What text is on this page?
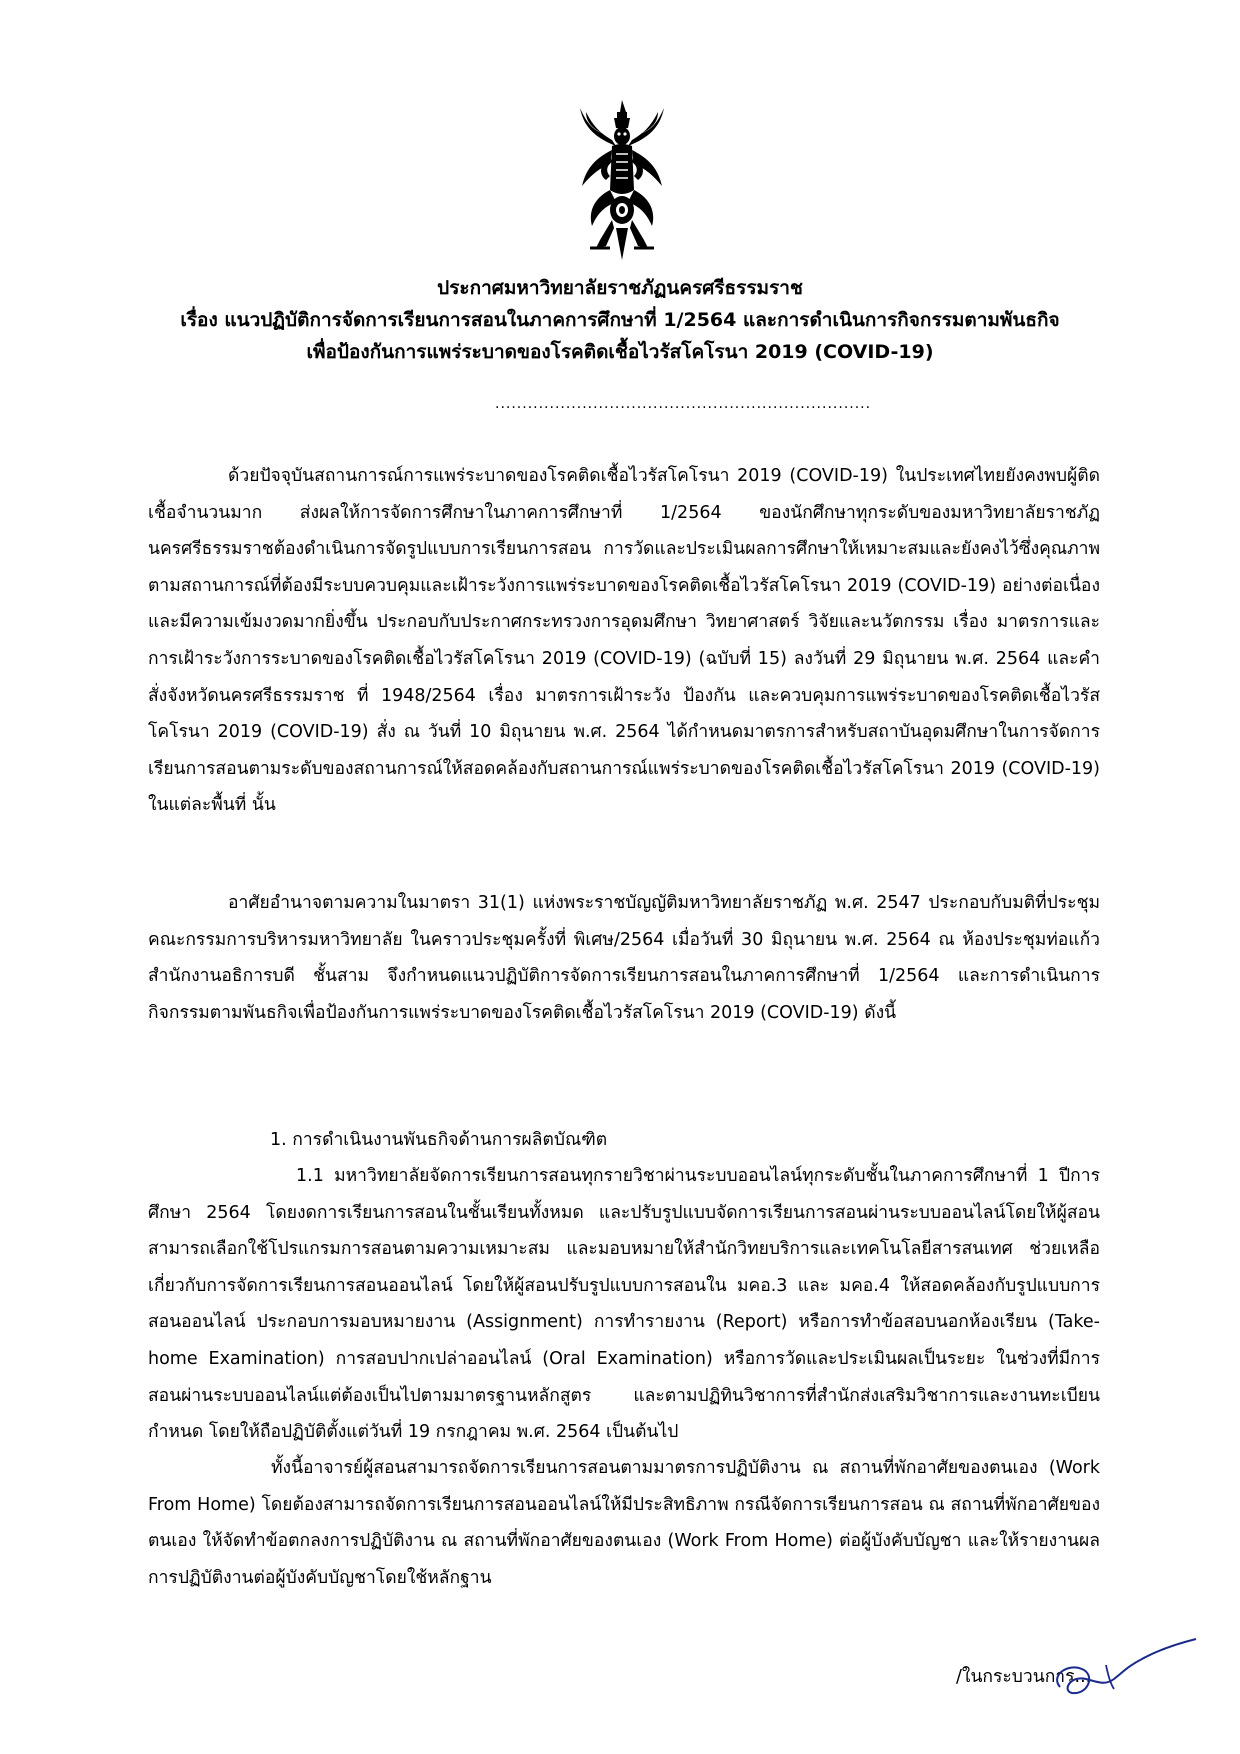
ประกาศมหาวิทยาลัยราชภัฏนครศรีธรรมราช
เรื่อง แนวปฏิบัติการจัดการเรียนการสอนในภาคการศึกษาที่ 1/2564 และการดำเนินการกิจกรรมตามพันธกิจ
เพื่อป้องกันการแพร่ระบาดของโรคติดเชื้อไวรัสโคโรนา 2019 (COVID-19)
.....................................................................

ด้วยปัจจุบันสถานการณ์การแพร่ระบาดของโรคติดเชื้อไวรัสโคโรนา 2019 (COVID-19) ในประเทศไทยยังคงพบผู้ติดเชื้อจำนวนมาก ส่งผลให้การจัดการศึกษาในภาคการศึกษาที่ 1/2564 ของนักศึกษาทุกระดับของมหาวิทยาลัยราชภัฏนครศรีธรรมราชต้องดำเนินการจัดรูปแบบการเรียนการสอน การวัดและประเมินผลการศึกษาให้เหมาะสมและยังคงไว้ซึ่งคุณภาพตามสถานการณ์ที่ต้องมีระบบควบคุมและเฝ้าระวังการแพร่ระบาดของโรคติดเชื้อไวรัสโคโรนา 2019 (COVID-19) อย่างต่อเนื่อง และมีความเข้มงวดมากยิ่งขึ้น ประกอบกับประกาศกระทรวงการอุดมศึกษา วิทยาศาสตร์ วิจัยและนวัตกรรม เรื่อง มาตรการและการเฝ้าระวังการระบาดของโรคติดเชื้อไวรัสโคโรนา 2019 (COVID-19) (ฉบับที่ 15) ลงวันที่ 29 มิถุนายน พ.ศ. 2564 และคำสั่งจังหวัดนครศรีธรรมราช ที่ 1948/2564 เรื่อง มาตรการเฝ้าระวัง ป้องกัน และควบคุมการแพร่ระบาดของโรคติดเชื้อไวรัสโคโรนา 2019 (COVID-19) สั่ง ณ วันที่ 10 มิถุนายน พ.ศ. 2564 ได้กำหนดมาตรการสำหรับสถาบันอุดมศึกษาในการจัดการเรียนการสอนตามระดับของสถานการณ์ให้สอดคล้องกับสถานการณ์แพร่ระบาดของโรคติดเชื้อไวรัสโคโรนา 2019 (COVID-19) ในแต่ละพื้นที่ นั้น

อาศัยอำนาจตามความในมาตรา 31(1) แห่งพระราชบัญญัติมหาวิทยาลัยราชภัฏ พ.ศ. 2547 ประกอบกับมติที่ประชุมคณะกรรมการบริหารมหาวิทยาลัย ในคราวประชุมครั้งที่ พิเศษ/2564 เมื่อวันที่ 30 มิถุนายน พ.ศ. 2564 ณ ห้องประชุมท่อแก้ว สำนักงานอธิการบดี ชั้นสาม จึงกำหนดแนวปฏิบัติการจัดการเรียนการสอนในภาคการศึกษาที่ 1/2564 และการดำเนินการกิจกรรมตามพันธกิจเพื่อป้องกันการแพร่ระบาดของโรคติดเชื้อไวรัสโคโรนา 2019 (COVID-19) ดังนี้

1. การดำเนินงานพันธกิจด้านการผลิตบัณฑิต

1.1 มหาวิทยาลัยจัดการเรียนการสอนทุกรายวิชาผ่านระบบออนไลน์ทุกระดับชั้นในภาคการศึกษาที่ 1 ปีการศึกษา 2564 โดยงดการเรียนการสอนในชั้นเรียนทั้งหมด และปรับรูปแบบจัดการเรียนการสอนผ่านระบบออนไลน์โดยให้ผู้สอนสามารถเลือกใช้โปรแกรมการสอนตามความเหมาะสม และมอบหมายให้สำนักวิทยบริการและเทคโนโลยีสารสนเทศ ช่วยเหลือเกี่ยวกับการจัดการเรียนการสอนออนไลน์ โดยให้ผู้สอนปรับรูปแบบการสอนใน มคอ.3 และ มคอ.4 ให้สอดคล้องกับรูปแบบการสอนออนไลน์ ประกอบการมอบหมายงาน (Assignment) การทำรายงาน (Report) หรือการทำข้อสอบนอกห้องเรียน (Take-home Examination) การสอบปากเปล่าออนไลน์ (Oral Examination) หรือการวัดและประเมินผลเป็นระยะ ในช่วงที่มีการสอนผ่านระบบออนไลน์แต่ต้องเป็นไปตามมาตรฐานหลักสูตร และตามปฏิทินวิชาการที่สำนักส่งเสริมวิชาการและงานทะเบียนกำหนด โดยให้ถือปฏิบัติตั้งแต่วันที่ 19 กรกฎาคม พ.ศ. 2564 เป็นต้นไป

ทั้งนี้อาจารย์ผู้สอนสามารถจัดการเรียนการสอนตามมาตรการปฏิบัติงาน ณ สถานที่พักอาศัยของตนเอง (Work From Home) โดยต้องสามารถจัดการเรียนการสอนออนไลน์ให้มีประสิทธิภาพ กรณีจัดการเรียนการสอน ณ สถานที่พักอาศัยของตนเอง ให้จัดทำข้อตกลงการปฏิบัติงาน ณ สถานที่พักอาศัยของตนเอง (Work From Home) ต่อผู้บังคับบัญชา และให้รายงานผลการปฏิบัติงานต่อผู้บังคับบัญชาโดยใช้หลักฐาน

/ในกระบวนการ...
